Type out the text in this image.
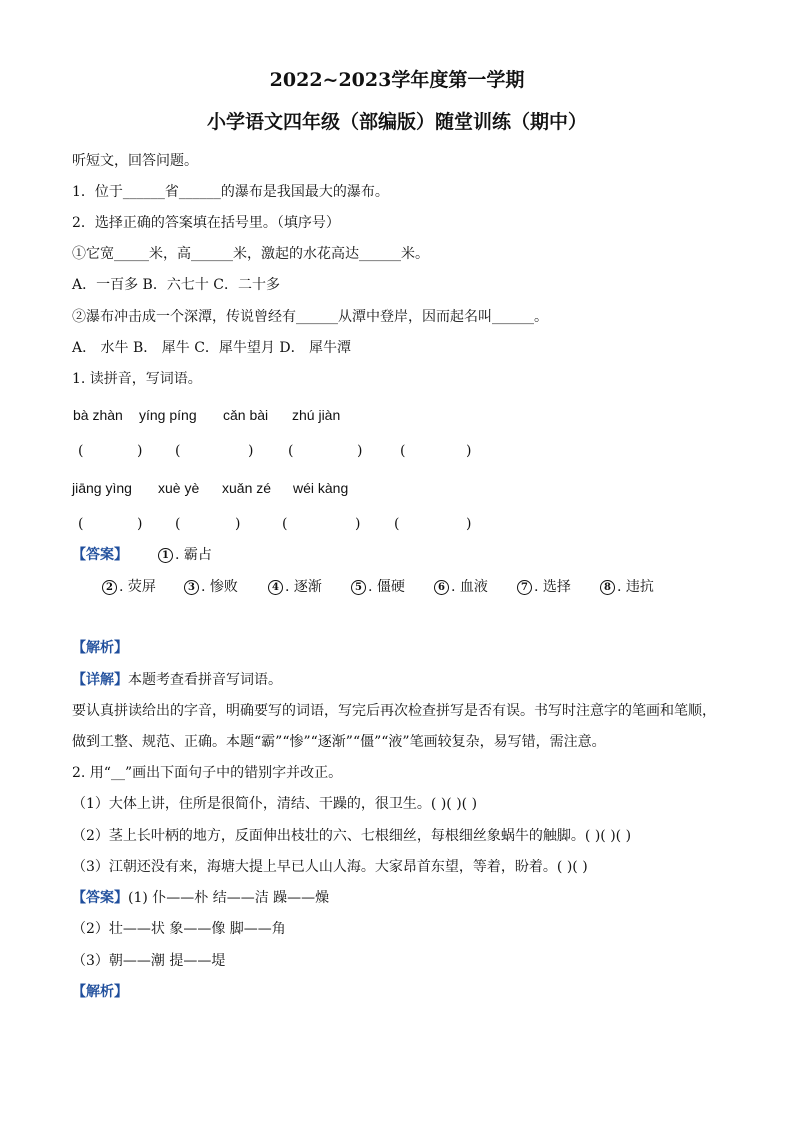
2022~2023学年度第一学期
小学语文四年级（部编版）随堂训练（期中）
听短文，回答问题。
1．位于______省______的瀑布是我国最大的瀑布。
2．选择正确的答案填在括号里。（填序号）
①它宽_____米，高______米，激起的水花高达______米。
A．一百多 B．六七十 C．二十多
②瀑布冲击成一个深潭，传说曾经有______从潭中登岸，因而起名叫______。
A． 水牛 B． 犀牛 C．犀牛望月 D． 犀牛潭
1. 读拼音，写词语。
bà zhàn yíng píng cǎn bài zhú jiàn
(	) (	) (	)	(	)
jiāng yìng xuè yè xuǎn zé wéi kàng
(	) (	)	(	) (	)
【答案】	1 . 霸占
2 . 荧屏	3 . 惨败	4 . 逐渐	5 . 僵硬	6 . 血液	7 . 选择	8 . 违抗
【解析】
【详解】本题考查看拼音写词语。
要认真拼读给出的字音，明确要写的词语，写完后再次检查拼写是否有误。书写时注意字的笔画和笔顺，
做到工整、规范、正确。本题“霸”“惨”“逐渐”“僵”“液”笔画较复杂，易写错，需注意。
2. 用“__”画出下面句子中的错别字并改正。
（1）大体上讲，住所是很简仆，清结、干躁的，很卫生。( )( )( )
（2）茎上长叶柄的地方，反面伸出枝壮的六、七根细丝，每根细丝象蜗牛的触脚。( )( )( )
（3）江朝还没有来，海塘大提上早已人山人海。大家昂首东望，等着，盼着。( )( )
【答案】(1) 仆——朴 结——洁 躁——燥
（2）壮——状 象——像 脚——角
（3）朝——潮 提——堤
【解析】
